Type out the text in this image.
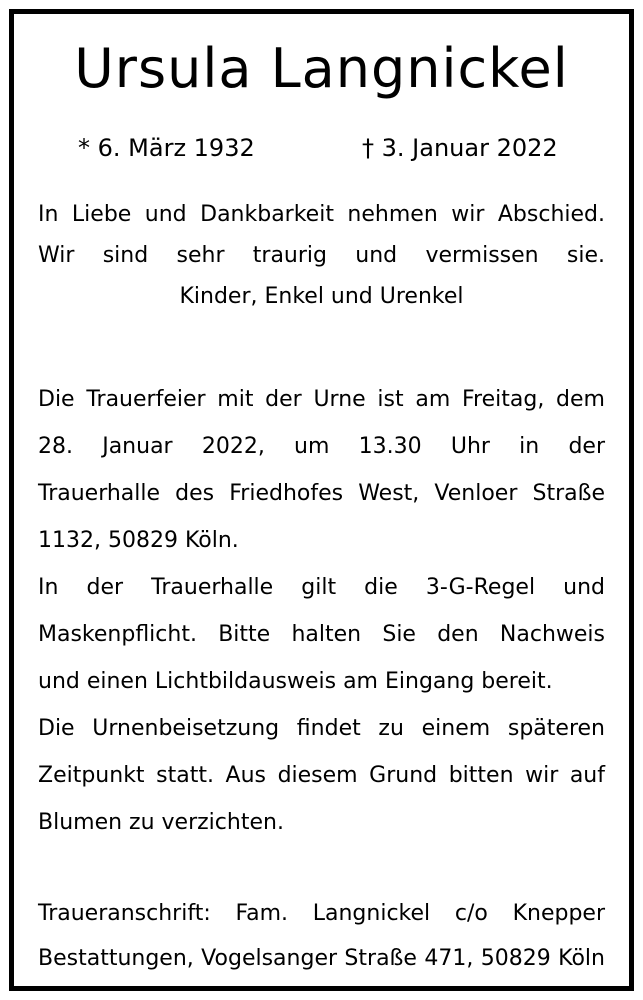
Ursula Langnickel
* 6. März 1932	† 3. Januar 2022
In Liebe und Dankbarkeit nehmen wir Abschied.
Wir sind sehr traurig und vermissen sie.
Kinder, Enkel und Urenkel
Die Trauerfeier mit der Urne ist am Freitag, dem
28. Januar 2022, um 13.30 Uhr in der
Trauerhalle des Friedhofes West, Venloer Straße
1132, 50829 Köln.
In der Trauerhalle gilt die 3-G-Regel und
Maskenpflicht. Bitte halten Sie den Nachweis
und einen Lichtbildausweis am Eingang bereit.
Die Urnenbeisetzung findet zu einem späteren
Zeitpunkt statt. Aus diesem Grund bitten wir auf
Blumen zu verzichten.
Traueranschrift: Fam. Langnickel c/o Knepper
Bestattungen, Vogelsanger Straße 471, 50829 Köln
